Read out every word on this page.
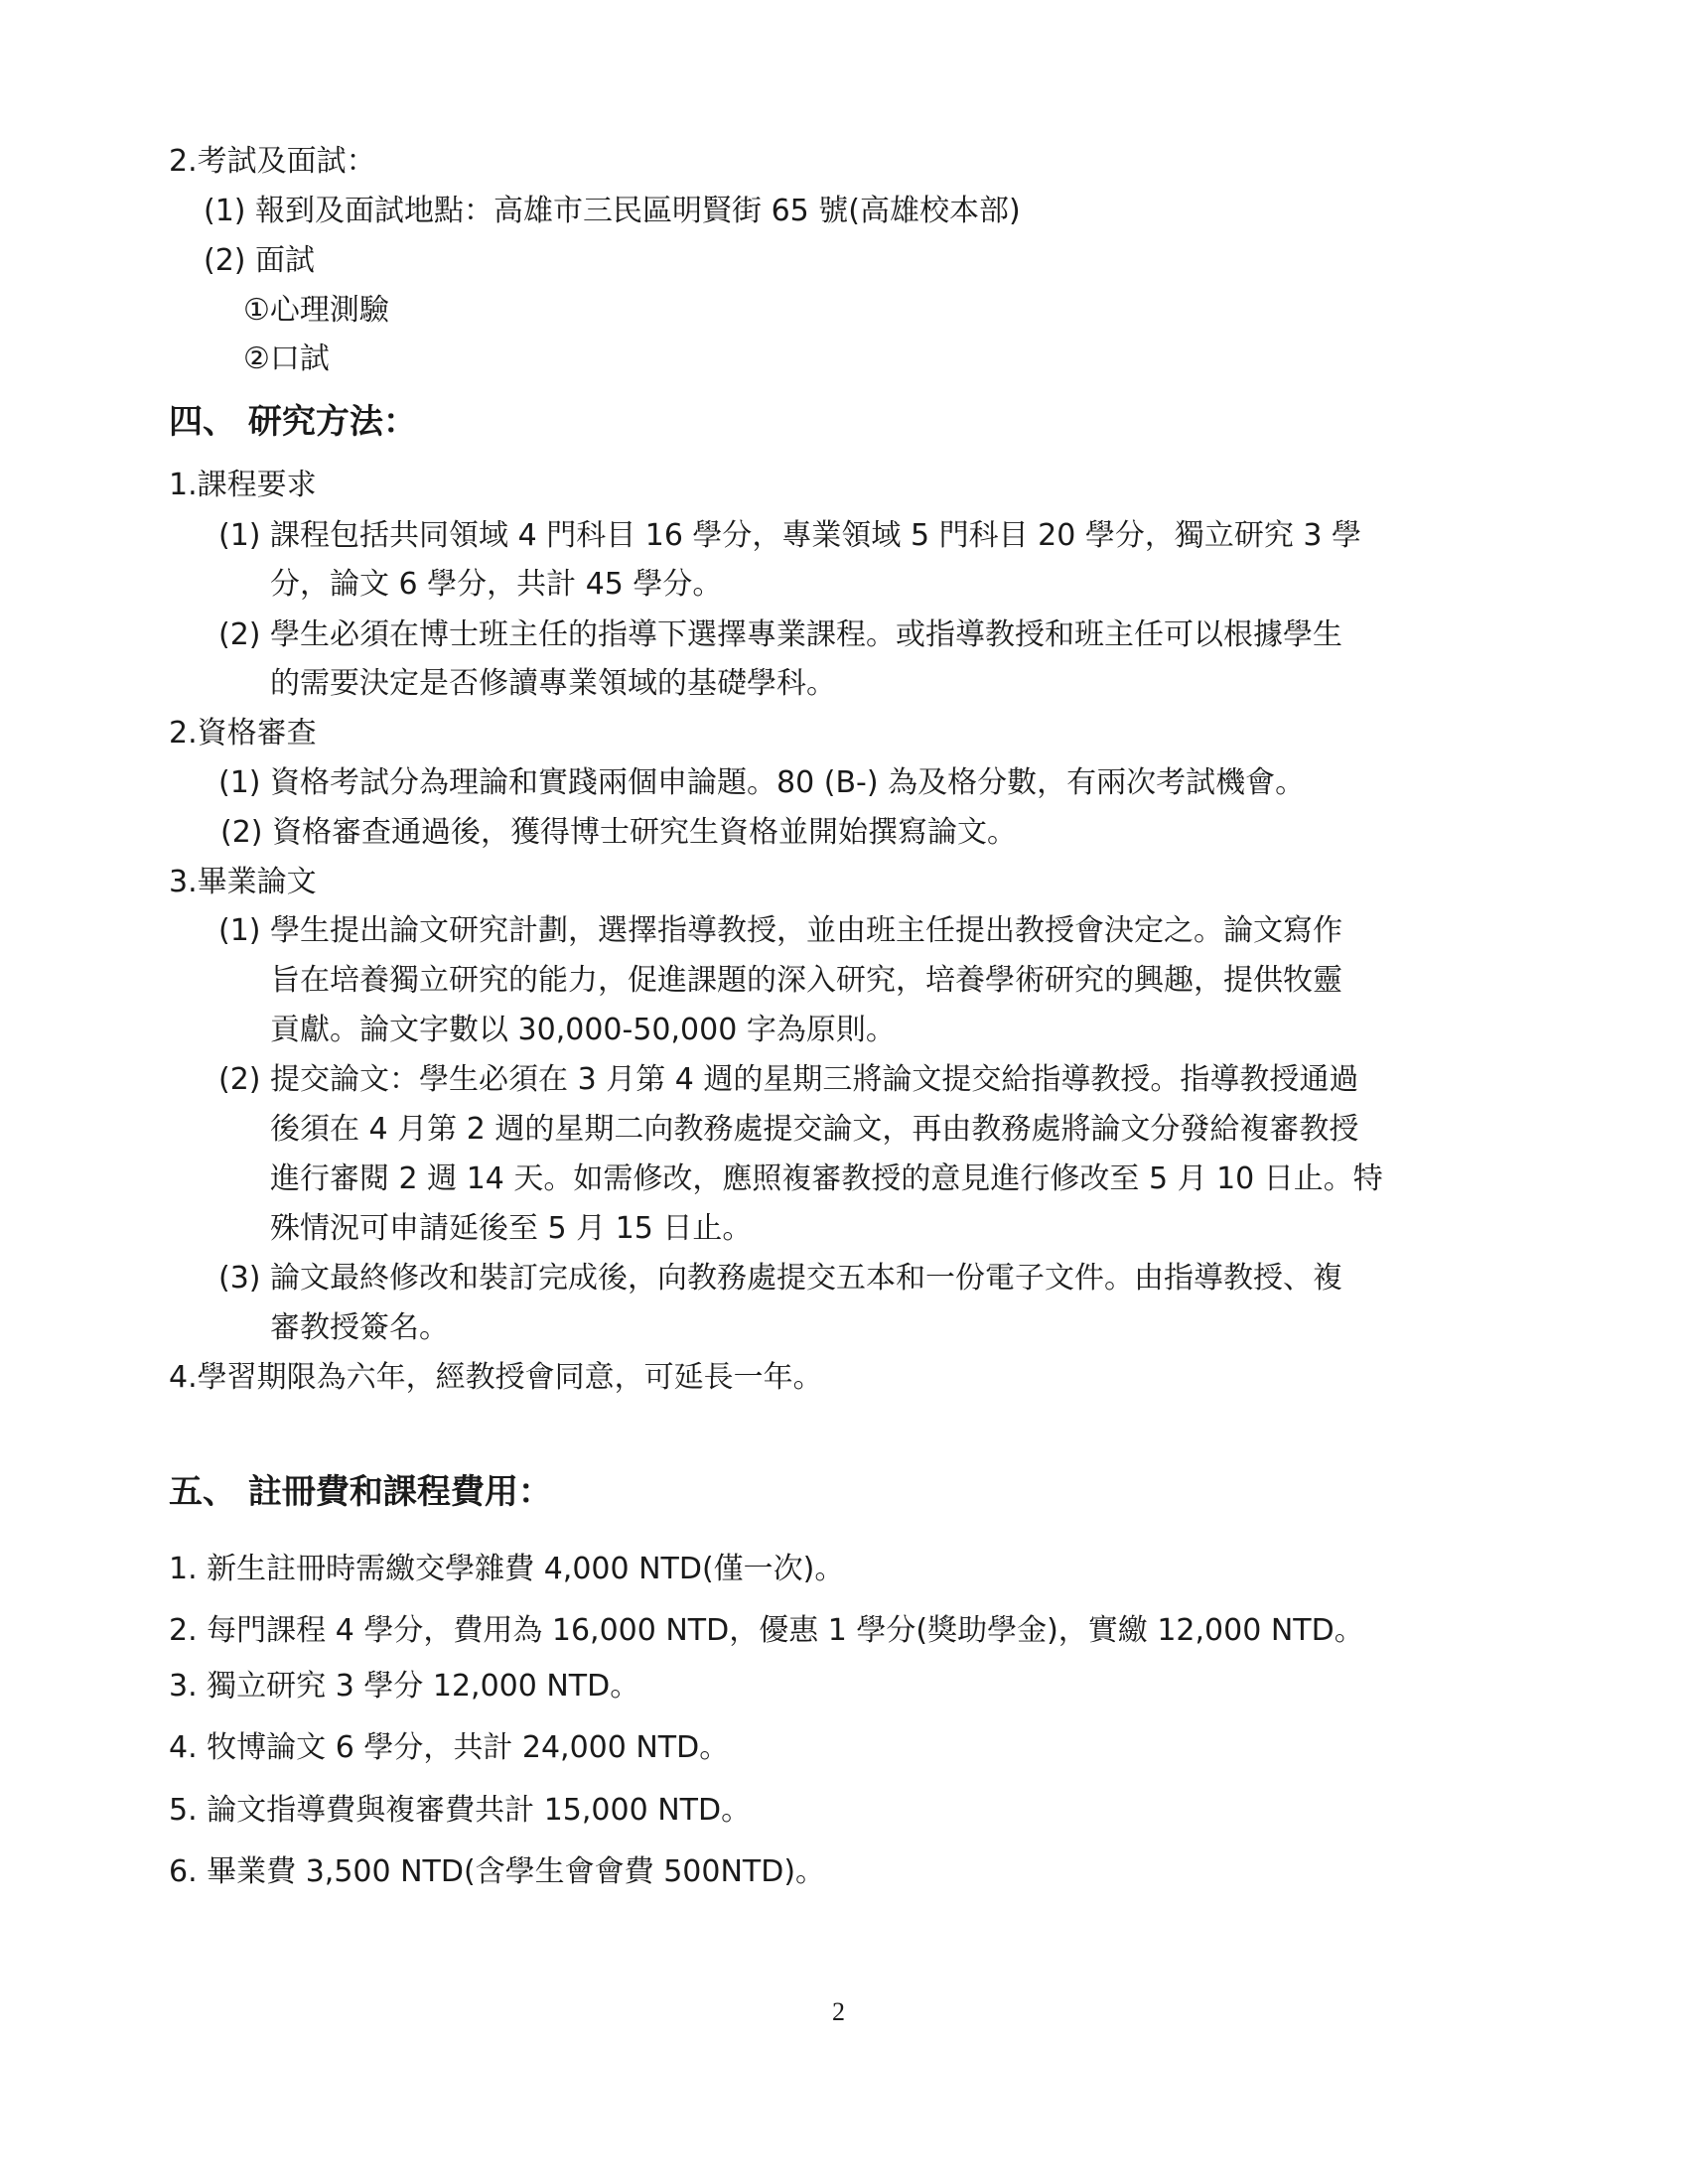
2.考試及面試：
(1) 報到及面試地點：高雄市三民區明賢街 65 號(高雄校本部)
(2) 面試
①心理測驗
②口試
四、 研究方法：
1.課程要求
(1) 課程包括共同領域 4 門科目 16 學分，專業領域 5 門科目 20 學分，獨立研究 3 學
分，論文 6 學分，共計 45 學分。
(2) 學生必須在博士班主任的指導下選擇專業課程。或指導教授和班主任可以根據學生
的需要決定是否修讀專業領域的基礎學科。
2.資格審查
(1) 資格考試分為理論和實踐兩個申論題。80 (B-) 為及格分數，有兩次考試機會。
(2) 資格審查通過後，獲得博士研究生資格並開始撰寫論文。
3.畢業論文
(1) 學生提出論文研究計劃，選擇指導教授，並由班主任提出教授會決定之。論文寫作
旨在培養獨立研究的能力，促進課題的深入研究，培養學術研究的興趣，提供牧靈
貢獻。論文字數以 30,000-50,000 字為原則。
(2) 提交論文：學生必須在 3 月第 4 週的星期三將論文提交給指導教授。指導教授通過
後須在 4 月第 2 週的星期二向教務處提交論文，再由教務處將論文分發給複審教授
進行審閱 2 週 14 天。如需修改，應照複審教授的意見進行修改至 5 月 10 日止。特
殊情況可申請延後至 5 月 15 日止。
(3) 論文最終修改和裝訂完成後，向教務處提交五本和一份電子文件。由指導教授、複
審教授簽名。
4.學習期限為六年，經教授會同意，可延長一年。
五、 註冊費和課程費用：
1. 新生註冊時需繳交學雜費 4,000 NTD(僅一次)。
2. 每門課程 4 學分，費用為 16,000 NTD，優惠 1 學分(獎助學金)，實繳 12,000 NTD。
3. 獨立研究 3 學分 12,000 NTD。
4. 牧博論文 6 學分，共計 24,000 NTD。
5. 論文指導費與複審費共計 15,000 NTD。
6. 畢業費 3,500 NTD(含學生會會費 500NTD)。
2
